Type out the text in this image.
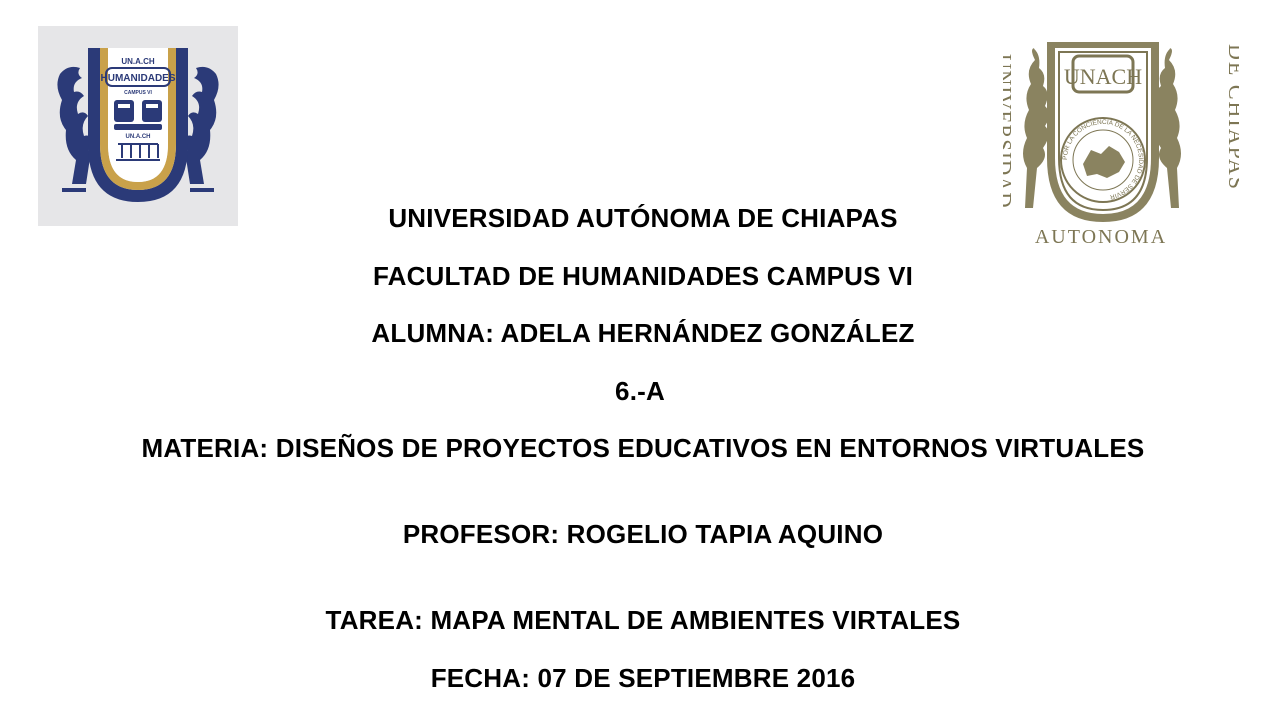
UN.A.CH
HUMANIDADES
CAMPUS VI
UN.A.CH	UNIVERSIDAD	DE CHIAPAS
AUTONOMA
UNACH
POR LA CONCIENCIA DE LA NECESIDAD DE SERVIR
UNIVERSIDAD AUTÓNOMA DE CHIAPAS
FACULTAD DE HUMANIDADES CAMPUS VI
ALUMNA: ADELA HERNÁNDEZ GONZÁLEZ
6.-A
MATERIA: DISEÑOS DE PROYECTOS EDUCATIVOS EN ENTORNOS VIRTUALES
PROFESOR: ROGELIO TAPIA AQUINO
TAREA: MAPA MENTAL DE AMBIENTES VIRTALES
FECHA: 07 DE SEPTIEMBRE 2016
